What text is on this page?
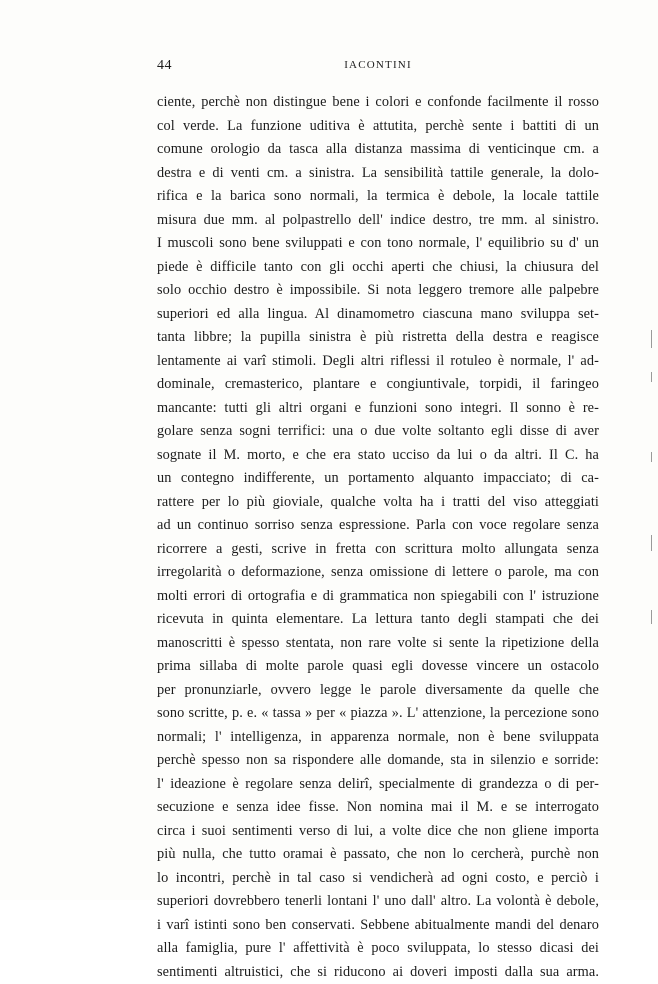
44	IACONTINI
ciente, perchè non distingue bene i colori e confonde facilmente il rosso
col verde. La funzione uditiva è attutita, perchè sente i battiti di un
comune orologio da tasca alla distanza massima di venticinque cm. a
destra e di venti cm. a sinistra. La sensibilità tattile generale, la dolo-
rifica e la barica sono normali, la termica è debole, la locale tattile
misura due mm. al polpastrello dell' indice destro, tre mm. al sinistro.
I muscoli sono bene sviluppati e con tono normale, l' equilibrio su d' un
piede è difficile tanto con gli occhi aperti che chiusi, la chiusura del
solo occhio destro è impossibile. Si nota leggero tremore alle palpebre
superiori ed alla lingua. Al dinamometro ciascuna mano sviluppa set-
tanta libbre; la pupilla sinistra è più ristretta della destra e reagisce
lentamente ai varî stimoli. Degli altri riflessi il rotuleo è normale, l' ad-
dominale, cremasterico, plantare e congiuntivale, torpidi, il faringeo
mancante: tutti gli altri organi e funzioni sono integri. Il sonno è re-
golare senza sogni terrifici: una o due volte soltanto egli disse di aver
sognate il M. morto, e che era stato ucciso da lui o da altri. Il C. ha
un contegno indifferente, un portamento alquanto impacciato; di ca-
rattere per lo più gioviale, qualche volta ha i tratti del viso atteggiati
ad un continuo sorriso senza espressione. Parla con voce regolare senza
ricorrere a gesti, scrive in fretta con scrittura molto allungata senza
irregolarità o deformazione, senza omissione di lettere o parole, ma con
molti errori di ortografia e di grammatica non spiegabili con l' istruzione
ricevuta in quinta elementare. La lettura tanto degli stampati che dei
manoscritti è spesso stentata, non rare volte si sente la ripetizione della
prima sillaba di molte parole quasi egli dovesse vincere un ostacolo
per pronunziarle, ovvero legge le parole diversamente da quelle che
sono scritte, p. e. « tassa » per « piazza ». L' attenzione, la percezione sono
normali; l' intelligenza, in apparenza normale, non è bene sviluppata
perchè spesso non sa rispondere alle domande, sta in silenzio e sorride:
l' ideazione è regolare senza delirî, specialmente di grandezza o di per-
secuzione e senza idee fisse. Non nomina mai il M. e se interrogato
circa i suoi sentimenti verso di lui, a volte dice che non gliene importa
più nulla, che tutto oramai è passato, che non lo cercherà, purchè non
lo incontri, perchè in tal caso si vendicherà ad ogni costo, e perciò i
superiori dovrebbero tenerli lontani l' uno dall' altro. La volontà è debole,
i varî istinti sono ben conservati. Sebbene abitualmente mandi del denaro
alla famiglia, pure l' affettività è poco sviluppata, lo stesso dicasi dei
sentimenti altruistici, che si riducono ai doveri imposti dalla sua arma.
